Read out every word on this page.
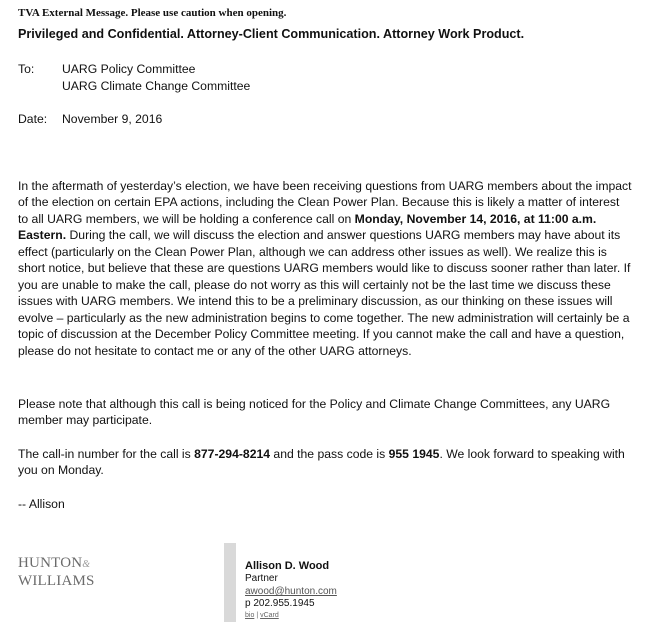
TVA External Message. Please use caution when opening.
Privileged and Confidential. Attorney-Client Communication. Attorney Work Product.
To: UARG Policy Committee
UARG Climate Change Committee
Date: November 9, 2016

In the aftermath of yesterday’s election, we have been receiving questions from UARG members about the impact of the election on certain EPA actions, including the Clean Power Plan. Because this is likely a matter of interest to all UARG members, we will be holding a conference call on Monday, November 14, 2016, at 11:00 a.m. Eastern. During the call, we will discuss the election and answer questions UARG members may have about its effect (particularly on the Clean Power Plan, although we can address other issues as well). We realize this is short notice, but believe that these are questions UARG members would like to discuss sooner rather than later. If you are unable to make the call, please do not worry as this will certainly not be the last time we discuss these issues with UARG members. We intend this to be a preliminary discussion, as our thinking on these issues will evolve – particularly as the new administration begins to come together. The new administration will certainly be a topic of discussion at the December Policy Committee meeting. If you cannot make the call and have a question, please do not hesitate to contact me or any of the other UARG attorneys.

Please note that although this call is being noticed for the Policy and Climate Change Committees, any UARG member may participate.

The call-in number for the call is 877-294-8214 and the pass code is 955 1945. We look forward to speaking with you on Monday.

-- Allison

HUNTON&
WILLIAMS
Allison D. Wood
Partner
awood@hunton.com
p 202.955.1945
bio | vCard
